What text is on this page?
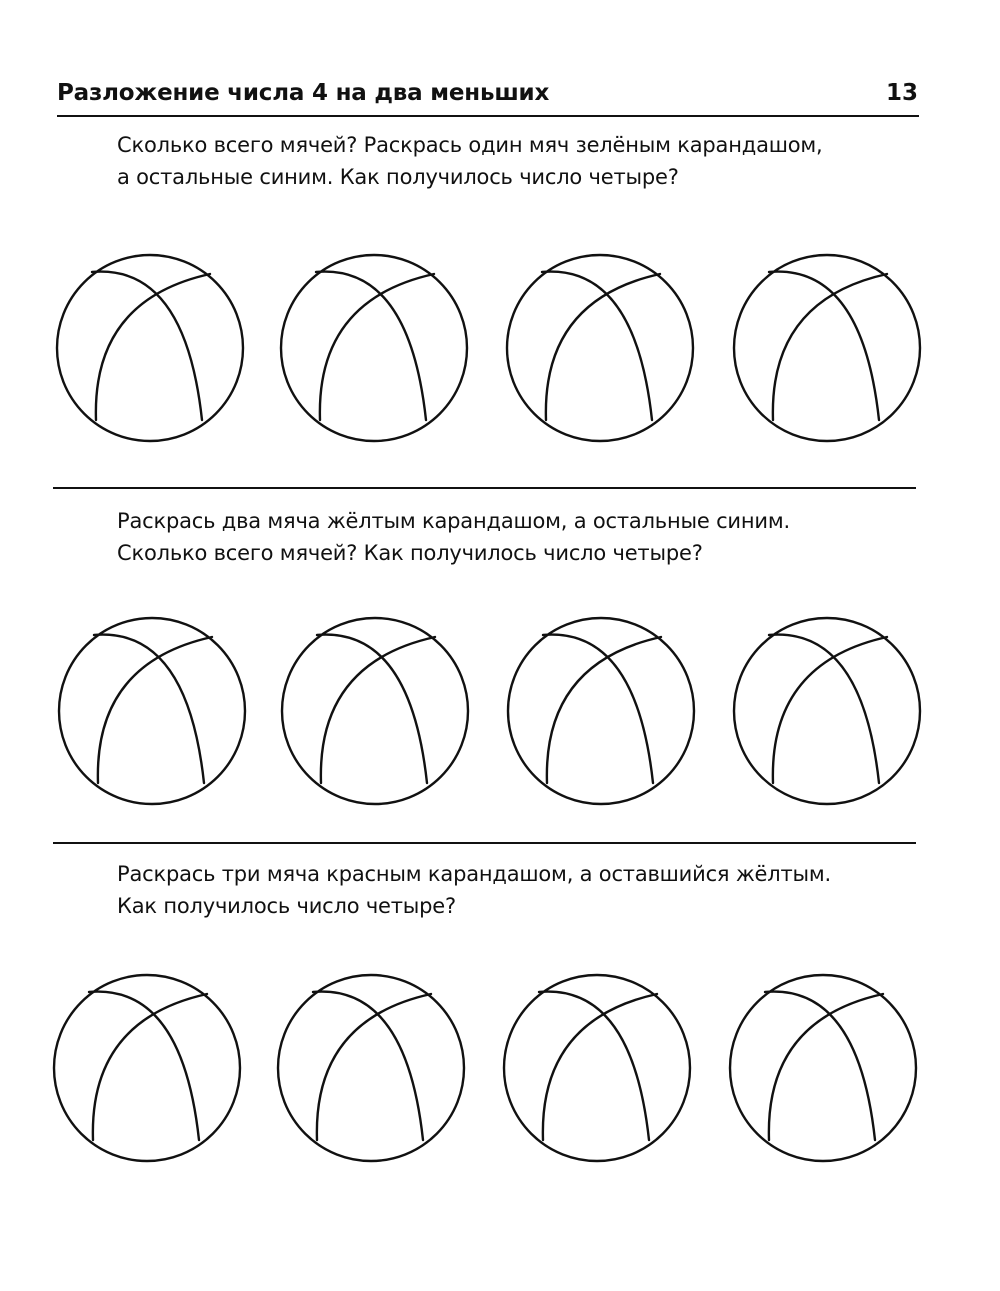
Разложение числа 4 на два меньших	13

Сколько всего мячей? Раскрась один мяч зелёным карандашом,

а остальные синим. Как получилось число четыре?

Раскрась два мяча жёлтым карандашом, а остальные синим.

Сколько всего мячей? Как получилось число четыре?

Раскрась три мяча красным карандашом, а оставшийся жёлтым.

Как получилось число четыре?
